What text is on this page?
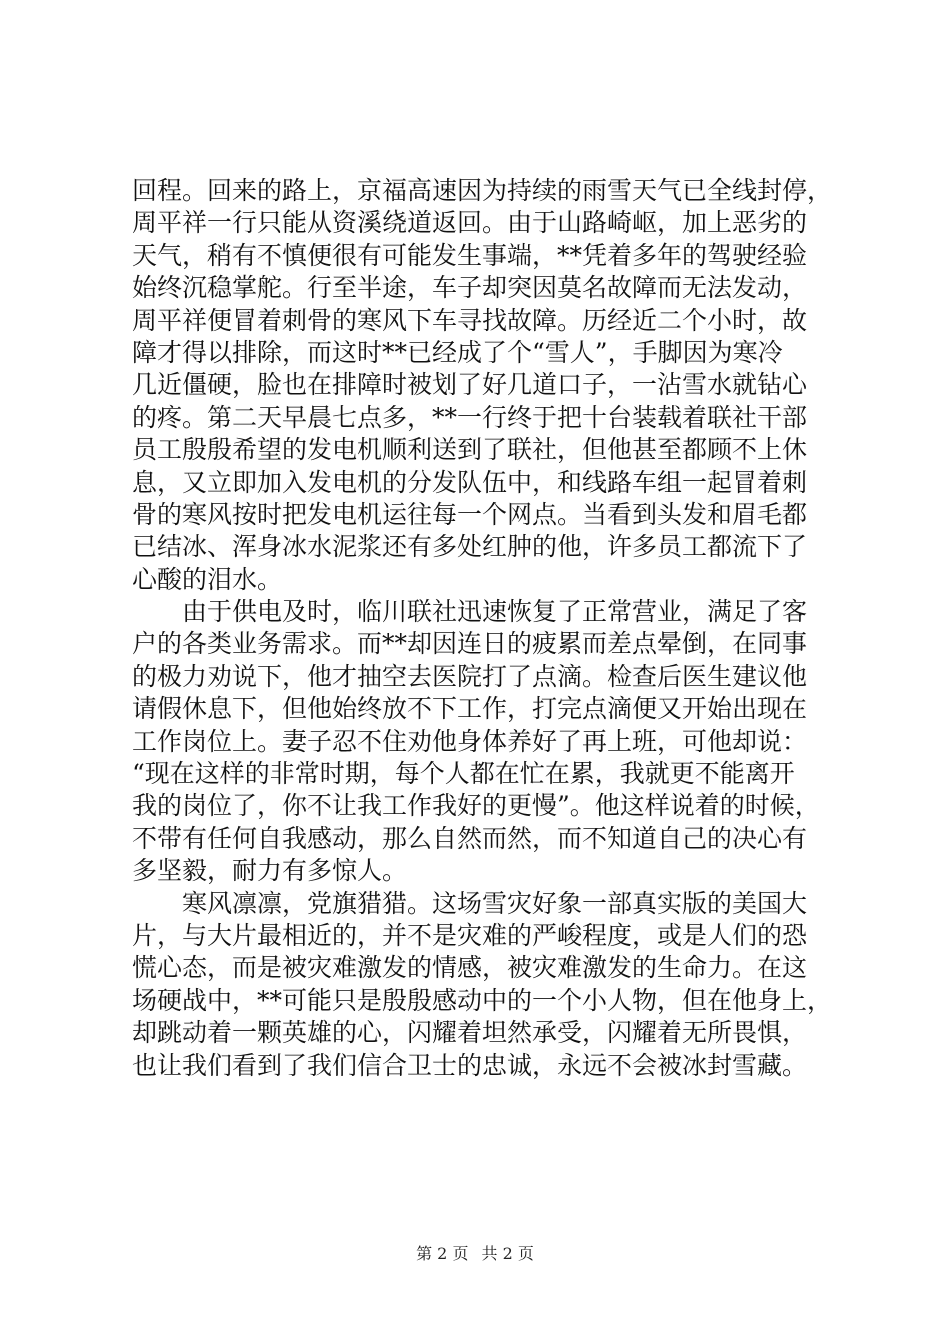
回程。回来的路上，京福高速因为持续的雨雪天气已全线封停，
周平祥一行只能从资溪绕道返回。由于山路崎岖，加上恶劣的
天气，稍有不慎便很有可能发生事端，**凭着多年的驾驶经验
始终沉稳掌舵。行至半途，车子却突因莫名故障而无法发动，
周平祥便冒着刺骨的寒风下车寻找故障。历经近二个小时，故
障才得以排除，而这时**已经成了个“雪人”，手脚因为寒冷
几近僵硬，脸也在排障时被划了好几道口子，一沾雪水就钻心
的疼。第二天早晨七点多，**一行终于把十台装载着联社干部
员工殷殷希望的发电机顺利送到了联社，但他甚至都顾不上休
息，又立即加入发电机的分发队伍中，和线路车组一起冒着刺
骨的寒风按时把发电机运往每一个网点。当看到头发和眉毛都
已结冰、浑身冰水泥浆还有多处红肿的他，许多员工都流下了
心酸的泪水。
　　由于供电及时，临川联社迅速恢复了正常营业，满足了客
户的各类业务需求。而**却因连日的疲累而差点晕倒，在同事
的极力劝说下，他才抽空去医院打了点滴。检查后医生建议他
请假休息下，但他始终放不下工作，打完点滴便又开始出现在
工作岗位上。妻子忍不住劝他身体养好了再上班，可他却说：
“现在这样的非常时期，每个人都在忙在累，我就更不能离开
我的岗位了，你不让我工作我好的更慢”。他这样说着的时候，
不带有任何自我感动，那么自然而然，而不知道自己的决心有
多坚毅，耐力有多惊人。
　　寒风凛凛，党旗猎猎。这场雪灾好象一部真实版的美国大
片，与大片最相近的，并不是灾难的严峻程度，或是人们的恐
慌心态，而是被灾难激发的情感，被灾难激发的生命力。在这
场硬战中，**可能只是殷殷感动中的一个小人物，但在他身上，
却跳动着一颗英雄的心，闪耀着坦然承受，闪耀着无所畏惧，
也让我们看到了我们信合卫士的忠诚，永远不会被冰封雪藏。
第 2 页 共 2 页
